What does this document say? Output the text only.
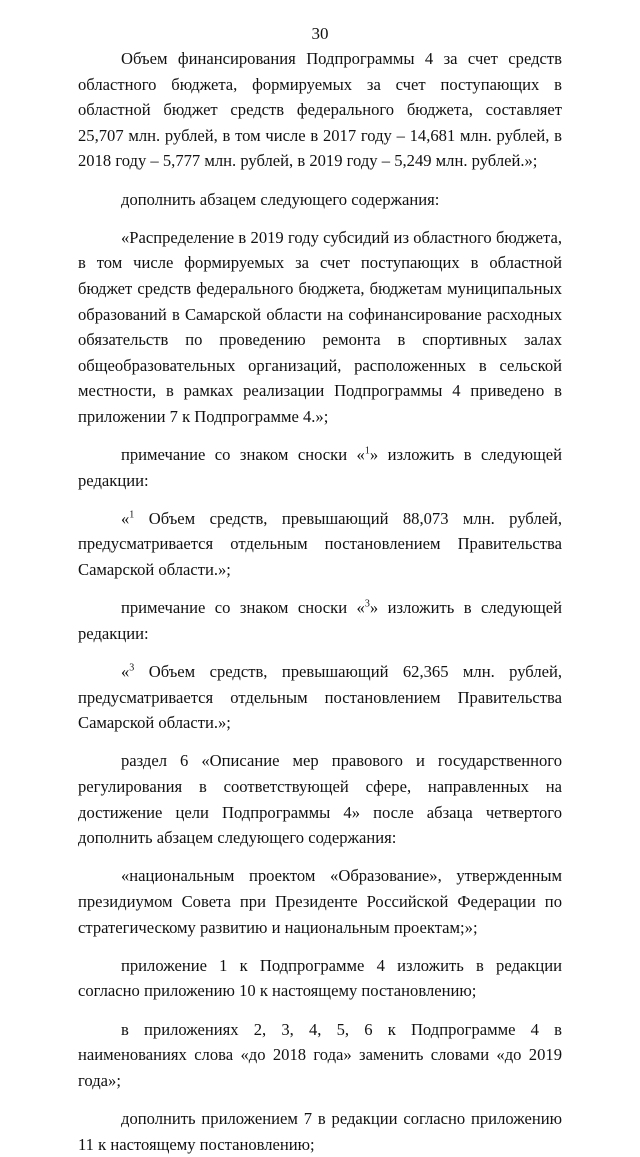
30

Объем финансирования Подпрограммы 4 за счет средств областного бюджета, формируемых за счет поступающих в областной бюджет средств федерального бюджета, составляет 25,707 млн. рублей, в том числе в 2017 году – 14,681 млн. рублей, в 2018 году – 5,777 млн. рублей, в 2019 году – 5,249 млн. рублей.»;

дополнить абзацем следующего содержания:

«Распределение в 2019 году субсидий из областного бюджета, в том числе формируемых за счет поступающих в областной бюджет средств федерального бюджета, бюджетам муниципальных образований в Самарской области на софинансирование расходных обязательств по проведению ремонта в спортивных залах общеобразовательных организаций, расположенных в сельской местности, в рамках реализации Подпрограммы 4 приведено в приложении 7 к Подпрограмме 4.»;

примечание со знаком сноски «$^1$» изложить в следующей редакции:

«$^1$ Объем средств, превышающий 88,073 млн. рублей, предусматривается отдельным постановлением Правительства Самарской области.»;

примечание со знаком сноски «$^3$» изложить в следующей редакции:

«$^3$ Объем средств, превышающий 62,365 млн. рублей, предусматривается отдельным постановлением Правительства Самарской области.»;

раздел 6 «Описание мер правового и государственного регулирования в соответствующей сфере, направленных на достижение цели Подпрограммы 4» после абзаца четвертого дополнить абзацем следующего содержания:

«национальным проектом «Образование», утвержденным президиумом Совета при Президенте Российской Федерации по стратегическому развитию и национальным проектам;»;

приложение 1 к Подпрограмме 4 изложить в редакции согласно приложению 10 к настоящему постановлению;

в приложениях 2, 3, 4, 5, 6 к Подпрограмме 4 в наименованиях слова «до 2018 года» заменить словами «до 2019 года»;

дополнить приложением 7 в редакции согласно приложению 11 к настоящему постановлению;
